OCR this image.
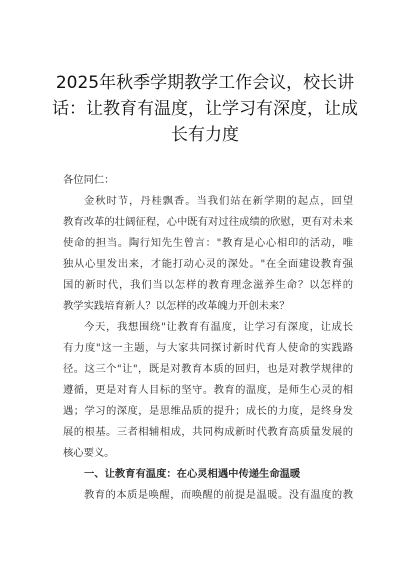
2025年秋季学期教学工作会议，校长讲
话：让教育有温度，让学习有深度，让成
长有力度
各位同仁：
金秋时节，丹桂飘香。当我们站在新学期的起点，回望
教育改革的壮阔征程，心中既有对过往成绩的欣慰，更有对未来
使命的担当。陶行知先生曾言："教育是心心相印的活动，唯
独从心里发出来，才能打动心灵的深处。"在全面建设教育强
国的新时代，我们当以怎样的教育理念滋养生命？以怎样的
教学实践培育新人？以怎样的改革魄力开创未来？
今天，我想围绕"让教育有温度，让学习有深度，让成长
有力度"这一主题，与大家共同探讨新时代育人使命的实践路
径。这三个"让"，既是对教育本质的回归，也是对教学规律的
遵循，更是对育人目标的坚守。教育的温度，是师生心灵的相
遇；学习的深度，是思维品质的提升；成长的力度，是终身发
展的根基。三者相辅相成，共同构成新时代教育高质量发展的
核心要义。
一、让教育有温度：在心灵相遇中传递生命温暖
教育的本质是唤醒，而唤醒的前提是温暖。没有温度的教
